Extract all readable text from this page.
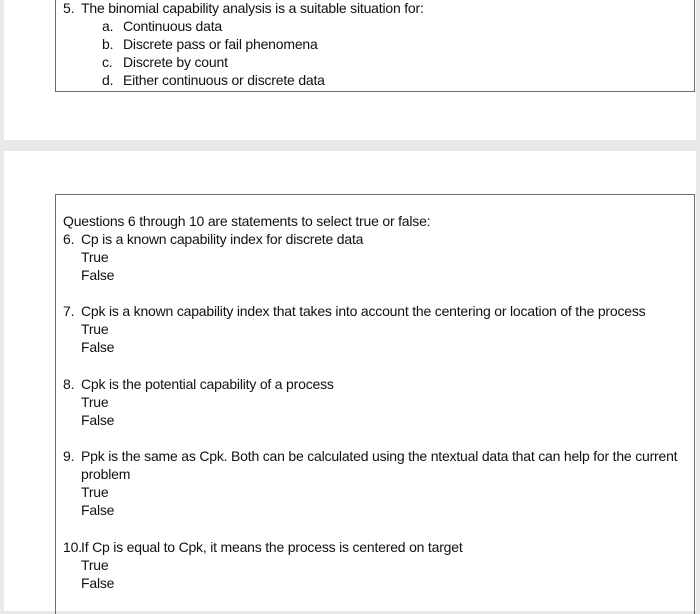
5. The binomial capability analysis is a suitable situation for:
a. Continuous data
b. Discrete pass or fail phenomena
c. Discrete by count
d. Either continuous or discrete data
Questions 6 through 10 are statements to select true or false:
6. Cp is a known capability index for discrete data
True
False
7. Cpk is a known capability index that takes into account the centering or location of the process
True
False
8. Cpk is the potential capability of a process
True
False
9. Ppk is the same as Cpk. Both can be calculated using the ntextual data that can help for the current
problem
True
False
10. If Cp is equal to Cpk, it means the process is centered on target
True
False
